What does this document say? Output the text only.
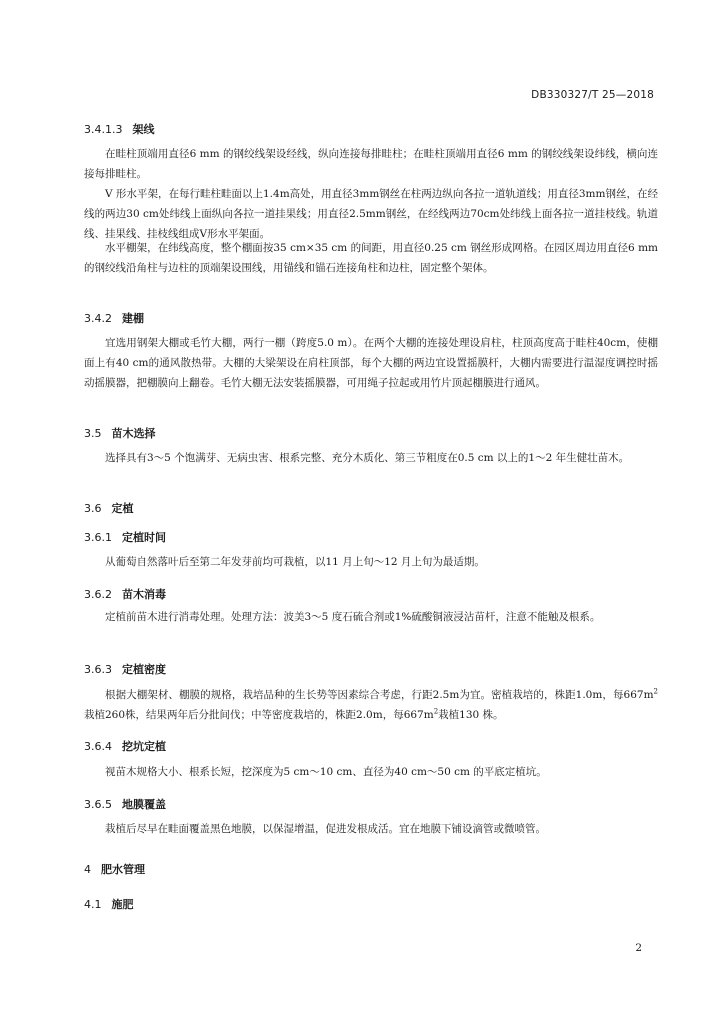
DB330327/T 25—2018
3.4.1.3 架线

在畦柱顶端用直径6 mm 的钢绞线架设经线，纵向连接每排畦柱；在畦柱顶端用直径6 mm 的钢绞线架设纬线，横向连接每排畦柱。

V 形水平架，在每行畦柱畦面以上1.4m高处，用直径3mm钢丝在柱两边纵向各拉一道轨道线；用直径3mm钢丝，在经线的两边30 cm处纬线上面纵向各拉一道挂果线；用直径2.5mm钢丝，在经线两边70cm处纬线上面各拉一道挂枝线。轨道线、挂果线、挂枝线组成V形水平架面。

水平棚架，在纬线高度，整个棚面按35 cm×35 cm 的间距，用直径0.25 cm 钢丝形成网格。在园区周边用直径6 mm 的钢绞线沿角柱与边柱的顶端架设围线，用锚线和锚石连接角柱和边柱，固定整个架体。

3.4.2 建棚

宜选用钢架大棚或毛竹大棚，两行一棚（跨度5.0 m）。在两个大棚的连接处理设肩柱，柱顶高度高于畦柱40cm，使棚面上有40 cm的通风散热带。大棚的大梁架设在肩柱顶部，每个大棚的两边宜设置摇膜杆，大棚内需要进行温湿度调控时摇动摇膜器，把棚膜向上翻卷。毛竹大棚无法安装摇膜器，可用绳子拉起或用竹片顶起棚膜进行通风。

3.5 苗木选择

选择具有3～5 个饱满芽、无病虫害、根系完整、充分木质化、第三节粗度在0.5 cm 以上的1～2 年生健壮苗木。

3.6 定植
3.6.1 定植时间

从葡萄自然落叶后至第二年发芽前均可栽植，以11 月上旬～12 月上旬为最适期。

3.6.2 苗木消毒

定植前苗木进行消毒处理。处理方法：波美3～5 度石硫合剂或1%硫酸铜液浸沾苗杆，注意不能触及根系。

3.6.3 定植密度

根据大棚架材、棚膜的规格，栽培品种的生长势等因素综合考虑，行距2.5m为宜。密植栽培的，株距1.0m，每$667m^2$栽植260株，结果两年后分批间伐；中等密度栽培的，株距2.0m，每$667m^2$栽植130 株。

3.6.4 挖坑定植

视苗木规格大小、根系长短，挖深度为5 cm～10 cm、直径为40 cm～50 cm 的平底定植坑。

3.6.5 地膜覆盖

栽植后尽早在畦面覆盖黑色地膜，以保湿增温，促进发根成活。宜在地膜下铺设滴管或微喷管。

4 肥水管理
4.1 施肥
2
